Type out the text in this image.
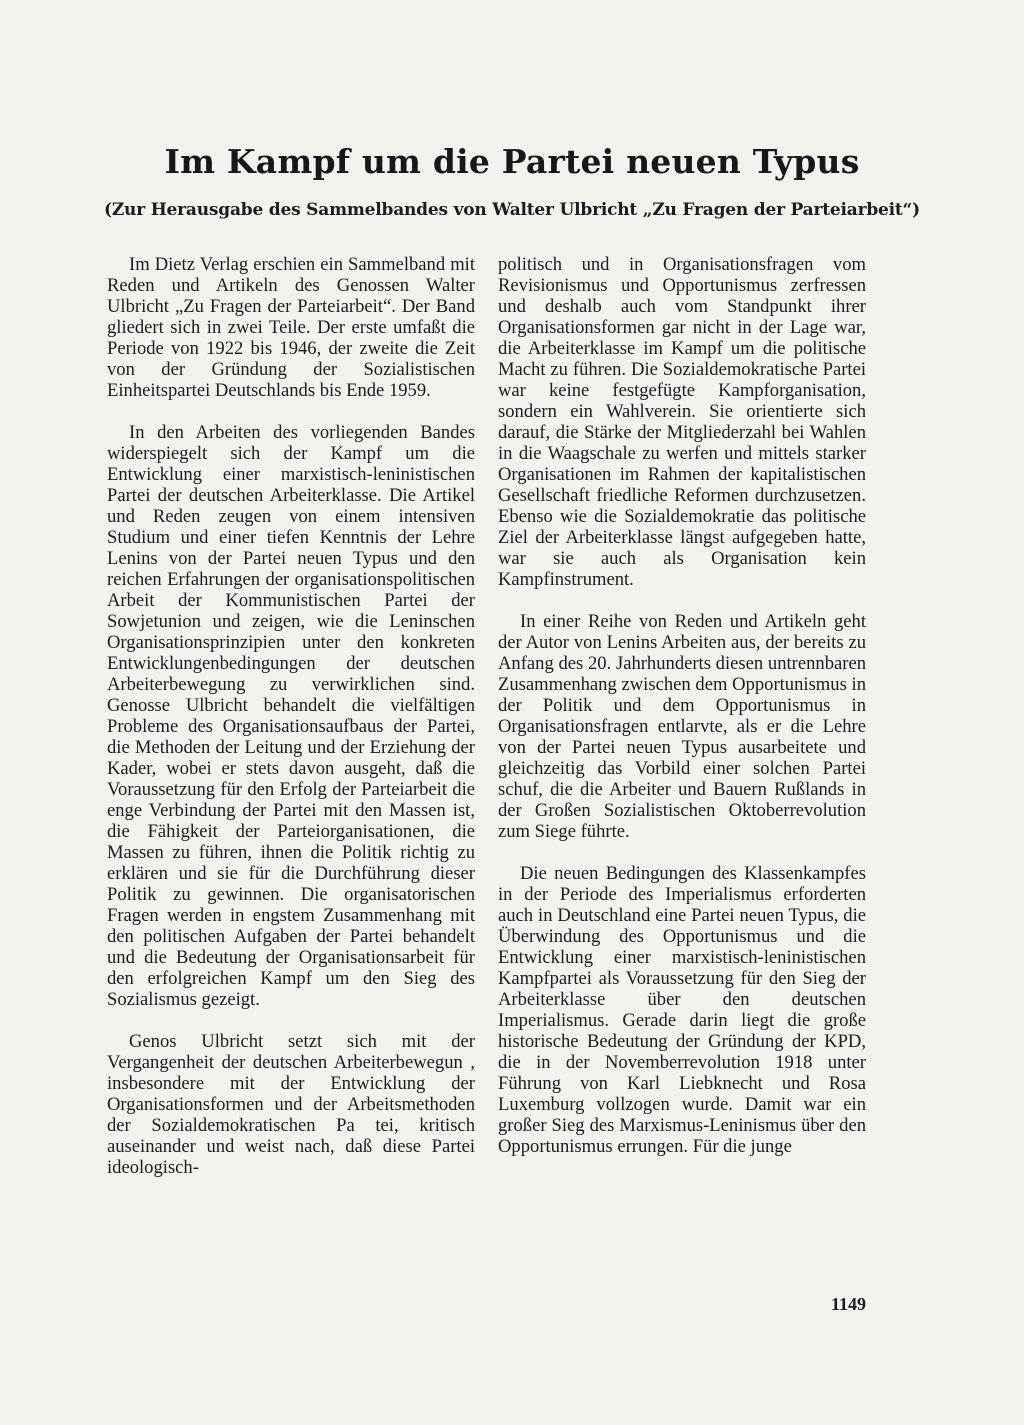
Im Kampf um die Partei neuen Typus
(Zur Herausgabe des Sammelbandes von Walter Ulbricht „Zu Fragen der Parteiarbeit“)

Im Dietz Verlag erschien ein Sammelband mit Reden und Artikeln des Genossen Walter Ulbricht „Zu Fragen der Parteiarbeit“. Der Band gliedert sich in zwei Teile. Der erste umfaßt die Periode von 1922 bis 1946, der zweite die Zeit von der Gründung der Sozialistischen Einheitspartei Deutschlands bis Ende 1959.

In den Arbeiten des vorliegenden Bandes widerspiegelt sich der Kampf um die Entwicklung einer marxistisch-leninistischen Partei der deutschen Arbeiterklasse. Die Artikel und Reden zeugen von einem intensiven Studium und einer tiefen Kenntnis der Lehre Lenins von der Partei neuen Typus und den reichen Erfahrungen der organisationspolitischen Arbeit der Kommunistischen Partei der Sowjetunion und zeigen, wie die Leninschen Organisationsprinzipien unter den konkreten Entwicklungenbedingungen der deutschen Arbeiterbewegung zu verwirklichen sind. Genosse Ulbricht behandelt die vielfältigen Probleme des Organisationsaufbaus der Partei, die Methoden der Leitung und der Erziehung der Kader, wobei er stets davon ausgeht, daß die Voraussetzung für den Erfolg der Parteiarbeit die enge Verbindung der Partei mit den Massen ist, die Fähigkeit der Parteiorganisationen, die Massen zu führen, ihnen die Politik richtig zu erklären und sie für die Durchführung dieser Politik zu gewinnen. Die organisatorischen Fragen werden in engstem Zusammenhang mit den politischen Aufgaben der Partei behandelt und die Bedeutung der Organisationsarbeit für den erfolgreichen Kampf um den Sieg des Sozialismus gezeigt.

Genos Ulbricht setzt sich mit der Vergangenheit der deutschen Arbeiterbewegun , insbesondere mit der Entwicklung der Organisationsformen und der Arbeitsmethoden der Sozialdemokratischen Pa tei, kritisch auseinander und weist nach, daß diese Partei ideologisch-

politisch und in Organisationsfragen vom Revisionismus und Opportunismus zerfressen und deshalb auch vom Standpunkt ihrer Organisationsformen gar nicht in der Lage war, die Arbeiterklasse im Kampf um die politische Macht zu führen. Die Sozialdemokratische Partei war keine festgefügte Kampforganisation, sondern ein Wahlverein. Sie orientierte sich darauf, die Stärke der Mitgliederzahl bei Wahlen in die Waagschale zu werfen und mittels starker Organisationen im Rahmen der kapitalistischen Gesellschaft friedliche Reformen durchzusetzen. Ebenso wie die Sozialdemokratie das politische Ziel der Arbeiterklasse längst aufgegeben hatte, war sie auch als Organisation kein Kampfinstrument.

In einer Reihe von Reden und Artikeln geht der Autor von Lenins Arbeiten aus, der bereits zu Anfang des 20. Jahrhunderts diesen untrennbaren Zusammenhang zwischen dem Opportunismus in der Politik und dem Opportunismus in Organisationsfragen entlarvte, als er die Lehre von der Partei neuen Typus ausarbeitete und gleichzeitig das Vorbild einer solchen Partei schuf, die die Arbeiter und Bauern Rußlands in der Großen Sozialistischen Oktoberrevolution zum Siege führte.

Die neuen Bedingungen des Klassenkampfes in der Periode des Imperialismus erforderten auch in Deutschland eine Partei neuen Typus, die Überwindung des Opportunismus und die Entwicklung einer marxistisch-leninistischen Kampfpartei als Voraussetzung für den Sieg der Arbeiterklasse über den deutschen Imperialismus. Gerade darin liegt die große historische Bedeutung der Gründung der KPD, die in der Novemberrevolution 1918 unter Führung von Karl Liebknecht und Rosa Luxemburg vollzogen wurde. Damit war ein großer Sieg des Marxismus-Leninismus über den Opportunismus errungen. Für die junge

1149
